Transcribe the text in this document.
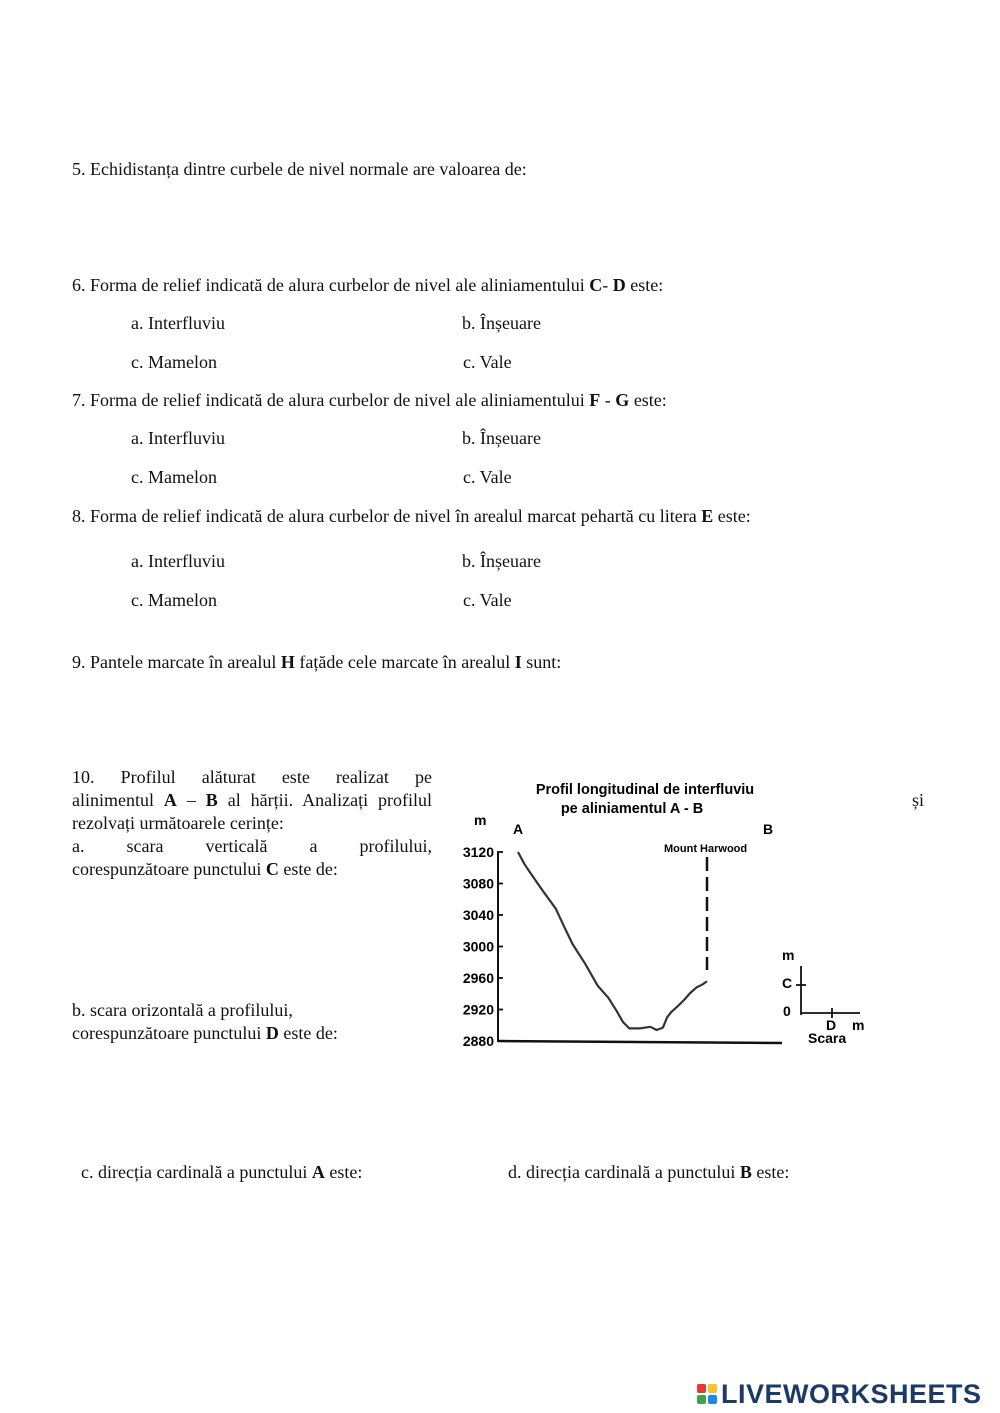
5. Echidistanța dintre curbele de nivel normale are valoarea de:
6. Forma de relief indicată de alura curbelor de nivel ale aliniamentului C- D este:
a. Interfluviu	b. Înșeuare
c. Mamelon	c. Vale
7. Forma de relief indicată de alura curbelor de nivel ale aliniamentului F - G este:
a. Interfluviu	b. Înșeuare
c. Mamelon	c. Vale
8. Forma de relief indicată de alura curbelor de nivel în arealul marcat pehartă cu litera E este:
a. Interfluviu	b. Înșeuare
c. Mamelon	c. Vale
9. Pantele marcate în arealul H fațăde cele marcate în arealul I sunt:
10. Profilul alăturat este realizat pe
alinimentul A – B al hărții. Analizați profilul
rezolvați următoarele cerințe:
a. scara verticală a profilului,
corespunzătoare punctului C este de:
și
b. scara orizontală a profilului,
corespunzătoare punctului D este de:
c. direcția cardinală a punctului A este:	d. direcția cardinală a punctului B este:
Profil longitudinal de interfluviu
pe aliniamentul A - B
m
A	B
Mount Harwood
3120
3080
3040
3000
2960
2920
2880
m
C
0
D m
Scara
LIVEWORKSHEETS
